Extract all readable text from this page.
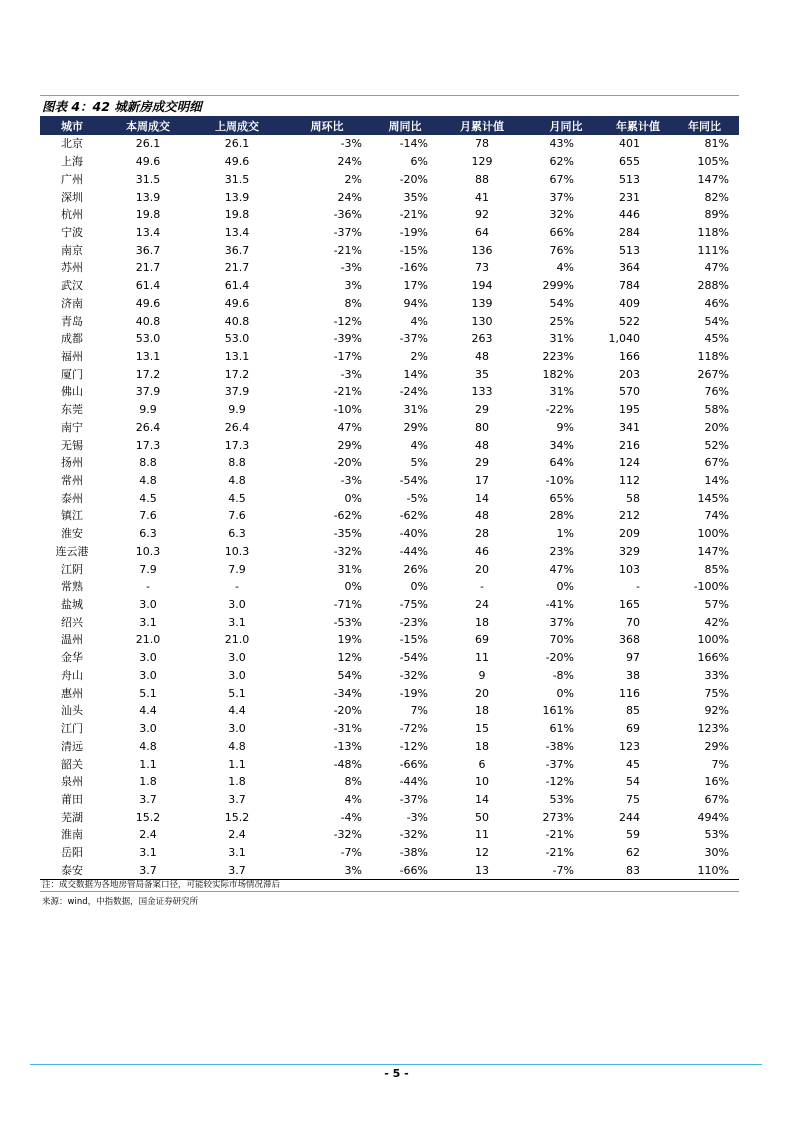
图表 4：42 城新房成交明细
城市	本周成交	上周成交	周环比	周同比	月累计值	月同比	年累计值	年同比
北京	26.1	26.1	-3%	-14%	78	43%	401	81%
上海	49.6	49.6	24%	6%	129	62%	655	105%
广州	31.5	31.5	2%	-20%	88	67%	513	147%
深圳	13.9	13.9	24%	35%	41	37%	231	82%
杭州	19.8	19.8	-36%	-21%	92	32%	446	89%
宁波	13.4	13.4	-37%	-19%	64	66%	284	118%
南京	36.7	36.7	-21%	-15%	136	76%	513	111%
苏州	21.7	21.7	-3%	-16%	73	4%	364	47%
武汉	61.4	61.4	3%	17%	194	299%	784	288%
济南	49.6	49.6	8%	94%	139	54%	409	46%
青岛	40.8	40.8	-12%	4%	130	25%	522	54%
成都	53.0	53.0	-39%	-37%	263	31%	1,040	45%
福州	13.1	13.1	-17%	2%	48	223%	166	118%
厦门	17.2	17.2	-3%	14%	35	182%	203	267%
佛山	37.9	37.9	-21%	-24%	133	31%	570	76%
东莞	9.9	9.9	-10%	31%	29	-22%	195	58%
南宁	26.4	26.4	47%	29%	80	9%	341	20%
无锡	17.3	17.3	29%	4%	48	34%	216	52%
扬州	8.8	8.8	-20%	5%	29	64%	124	67%
常州	4.8	4.8	-3%	-54%	17	-10%	112	14%
泰州	4.5	4.5	0%	-5%	14	65%	58	145%
镇江	7.6	7.6	-62%	-62%	48	28%	212	74%
淮安	6.3	6.3	-35%	-40%	28	1%	209	100%
连云港	10.3	10.3	-32%	-44%	46	23%	329	147%
江阴	7.9	7.9	31%	26%	20	47%	103	85%
常熟	-	-	0%	0%	-	0%	-	-100%
盐城	3.0	3.0	-71%	-75%	24	-41%	165	57%
绍兴	3.1	3.1	-53%	-23%	18	37%	70	42%
温州	21.0	21.0	19%	-15%	69	70%	368	100%
金华	3.0	3.0	12%	-54%	11	-20%	97	166%
舟山	3.0	3.0	54%	-32%	9	-8%	38	33%
惠州	5.1	5.1	-34%	-19%	20	0%	116	75%
汕头	4.4	4.4	-20%	7%	18	161%	85	92%
江门	3.0	3.0	-31%	-72%	15	61%	69	123%
清远	4.8	4.8	-13%	-12%	18	-38%	123	29%
韶关	1.1	1.1	-48%	-66%	6	-37%	45	7%
泉州	1.8	1.8	8%	-44%	10	-12%	54	16%
莆田	3.7	3.7	4%	-37%	14	53%	75	67%
芜湖	15.2	15.2	-4%	-3%	50	273%	244	494%
淮南	2.4	2.4	-32%	-32%	11	-21%	59	53%
岳阳	3.1	3.1	-7%	-38%	12	-21%	62	30%
泰安	3.7	3.7	3%	-66%	13	-7%	83	110%
注：成交数据为各地房管局备案口径，可能较实际市场情况滞后
来源：wind，中指数据，国金证券研究所
- 5 -
